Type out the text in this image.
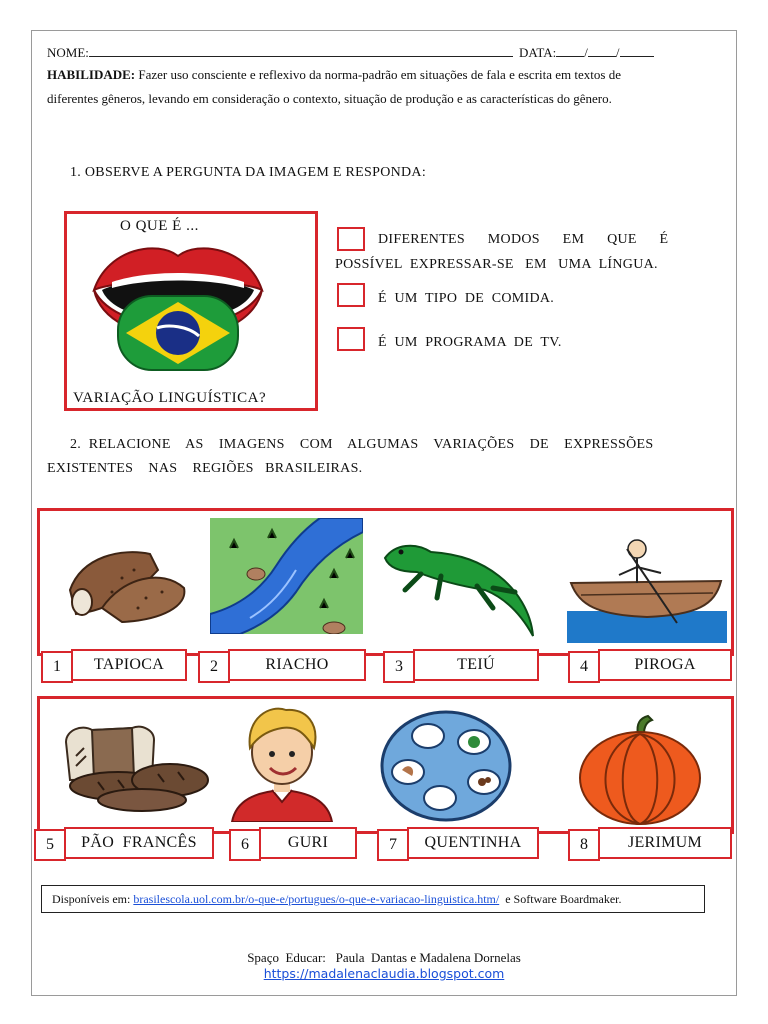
NOME:	DATA: / /
HABILIDADE: Fazer uso consciente e reflexivo da norma-padrão em situações de fala e escrita em textos de
diferentes gêneros, levando em consideração o contexto, situação de produção e as características do gênero.
1. OBSERVE A PERGUNTA DA IMAGEM E RESPONDA:
O QUE É ...
VARIAÇÃO LINGUÍSTICA?
DIFERENTES      MODOS      EM      QUE      É
POSSÍVEL  EXPRESSAR-SE   EM   UMA  LÍNGUA.
É  UM  TIPO  DE  COMIDA.
É  UM  PROGRAMA  DE  TV.
2.  RELACIONE    AS    IMAGENS    COM    ALGUMAS    VARIAÇÕES    DE    EXPRESSÕES
EXISTENTES    NAS    REGIÕES   BRASILEIRAS.
1	TAPIOCA	2	RIACHO	3	TEIÚ	4	PIROGA
5	PÃO  FRANCÊS	6	GURI	7	QUENTINHA	8	JERIMUM
Disponíveis em:
brasilescola.uol.com.br/o-que-e/portugues/o-que-e-variacao-linguistica.htm/
e Software Boardmaker.
Spaço  Educar:   Paula  Dantas e Madalena Dornelas
https://madalenaclaudia.blogspot.com
